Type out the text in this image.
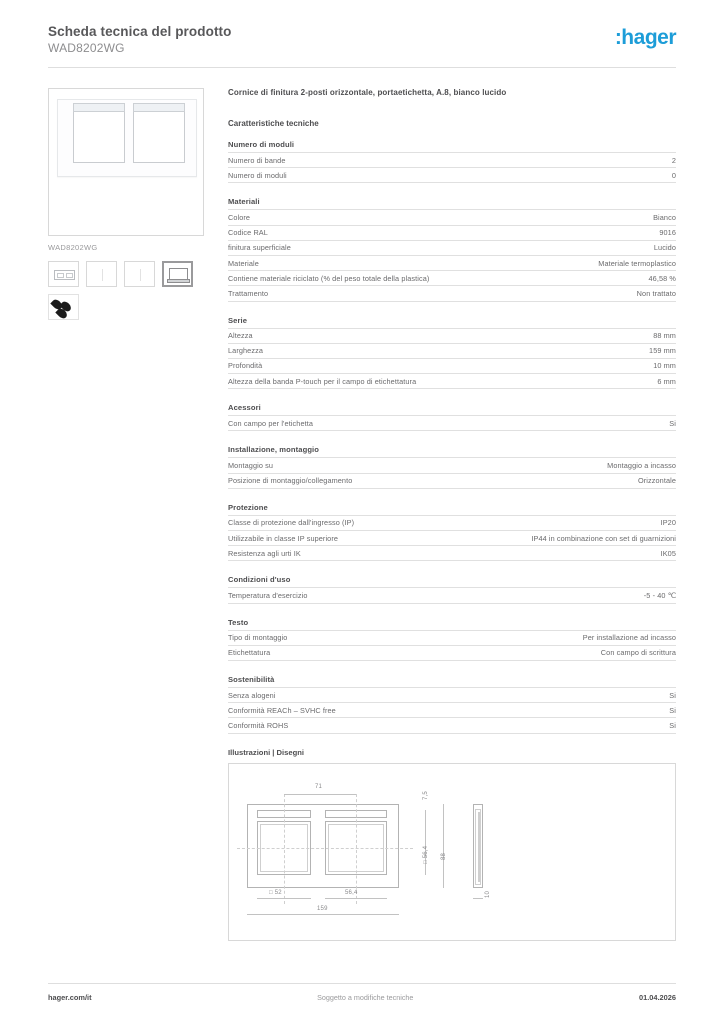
Scheda tecnica del prodotto
WAD8202WG	:hager
WAD8202WG
Cornice di finitura 2-posti orizzontale, portaetichetta, A.8, bianco lucido
Caratteristiche tecniche
Numero di moduli
Numero di bande	2
Numero di moduli	0
Materiali
Colore	Bianco
Codice RAL	9016
finitura superficiale	Lucido
Materiale	Materiale termoplastico
Contiene materiale riciclato (% del peso totale della plastica)	46,58 %
Trattamento	Non trattato
Serie
Altezza	88 mm
Larghezza	159 mm
Profondità	10 mm
Altezza della banda P-touch per il campo di etichettatura	6 mm
Acessori
Con campo per l'etichetta	Si
Installazione, montaggio
Montaggio su	Montaggio a incasso
Posizione di montaggio/collegamento	Orizzontale
Protezione
Classe di protezione dall'ingresso (IP)	IP20
Utilizzabile in classe IP superiore	IP44 in combinazione con set di guarnizioni
Resistenza agli urti IK	IK05
Condizioni d'uso
Temperatura d'esercizio	-5 - 40 ℃
Testo
Tipo di montaggio	Per installazione ad incasso
Etichettatura	Con campo di scrittura
Sostenibilità
Senza alogeni	Si
Conformità REACh – SVHC free	Si
Conformità ROHS	Si
Illustrazioni | Disegni
71
7,5
□ 56,4 88
□ 52	56,4
159
10
hager.com/it	Soggetto a modifiche tecniche	01.04.2026
